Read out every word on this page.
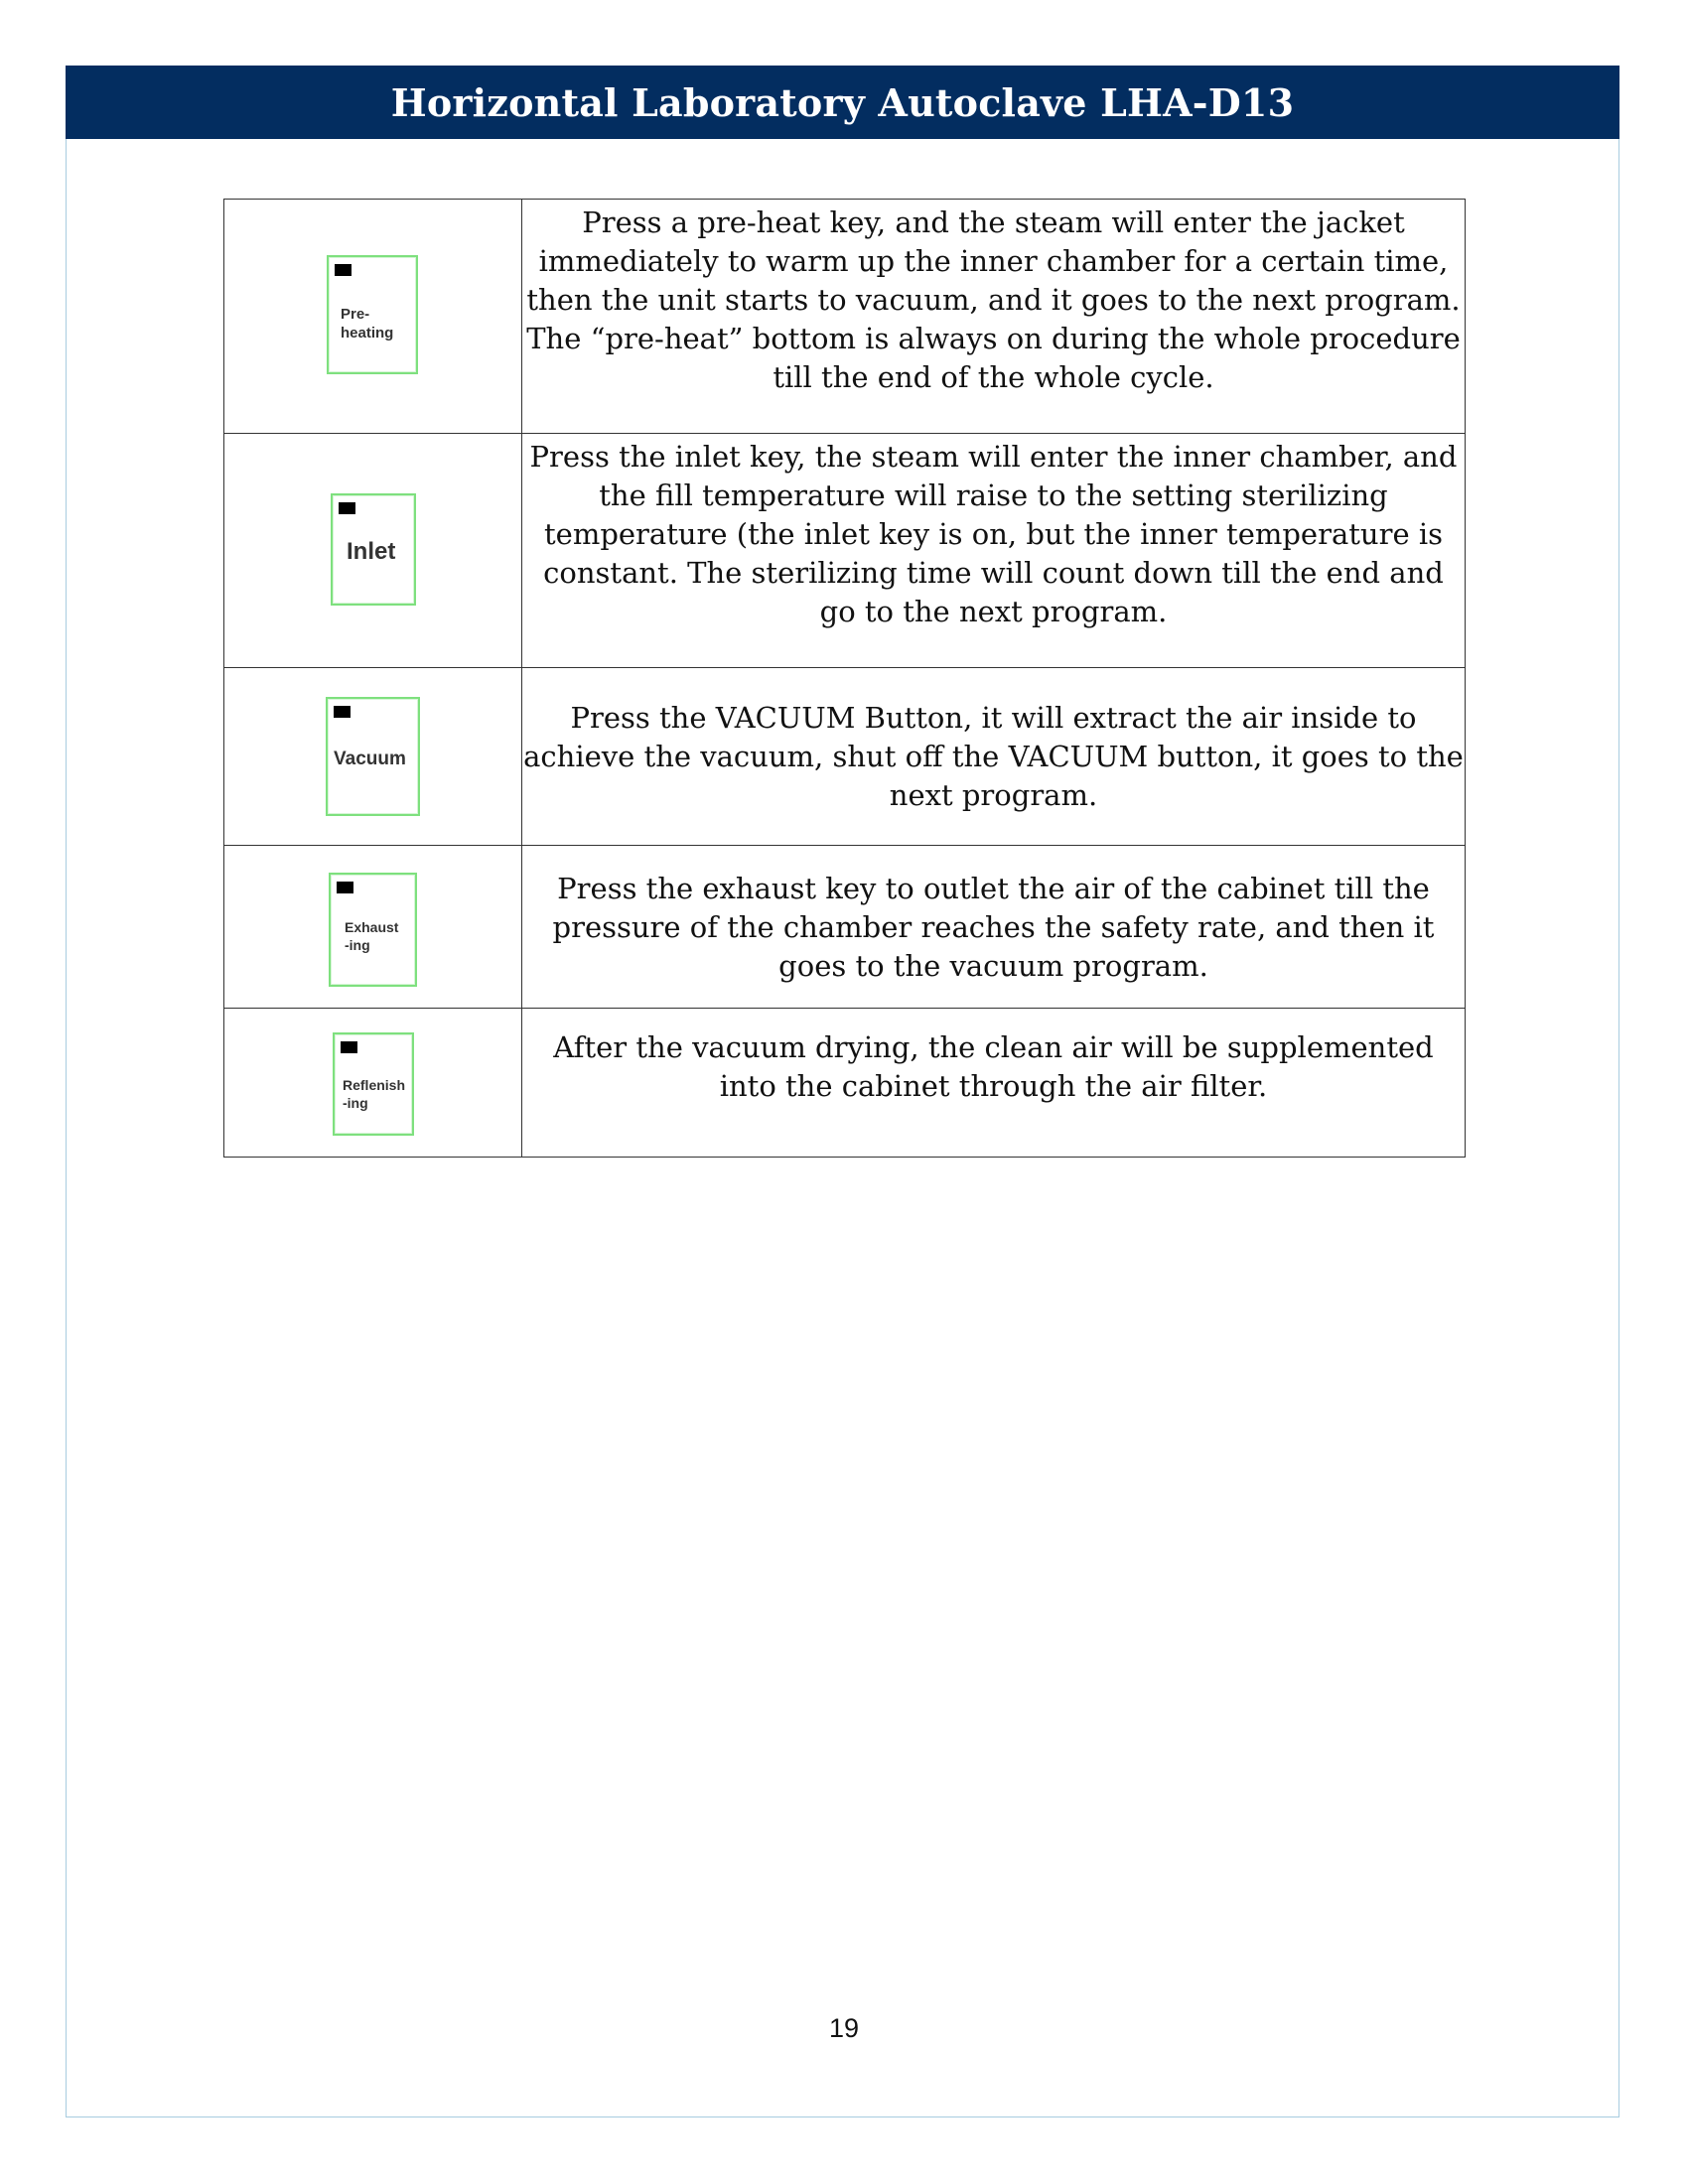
Horizontal Laboratory Autoclave LHA-D13
Pre-
heating	Press a pre-heat key, and the steam will enter the jacket immediately to warm up the inner chamber for a certain time, then the unit starts to vacuum, and it goes to the next program. The “pre-heat” bottom is always on during the whole procedure till the end of the whole cycle.

Inlet	Press the inlet key, the steam will enter the inner chamber, and the fill temperature will raise to the setting sterilizing temperature (the inlet key is on, but the inner temperature is constant. The sterilizing time will count down till the end and go to the next program.

Vacuum	Press the VACUUM Button, it will extract the air inside to achieve the vacuum, shut off the VACUUM button, it goes to the next program.

Exhaust
-ing	Press the exhaust key to outlet the air of the cabinet till the pressure of the chamber reaches the safety rate, and then it goes to the vacuum program.

Reflenish
-ing	After the vacuum drying, the clean air will be supplemented into the cabinet through the air filter.
19
